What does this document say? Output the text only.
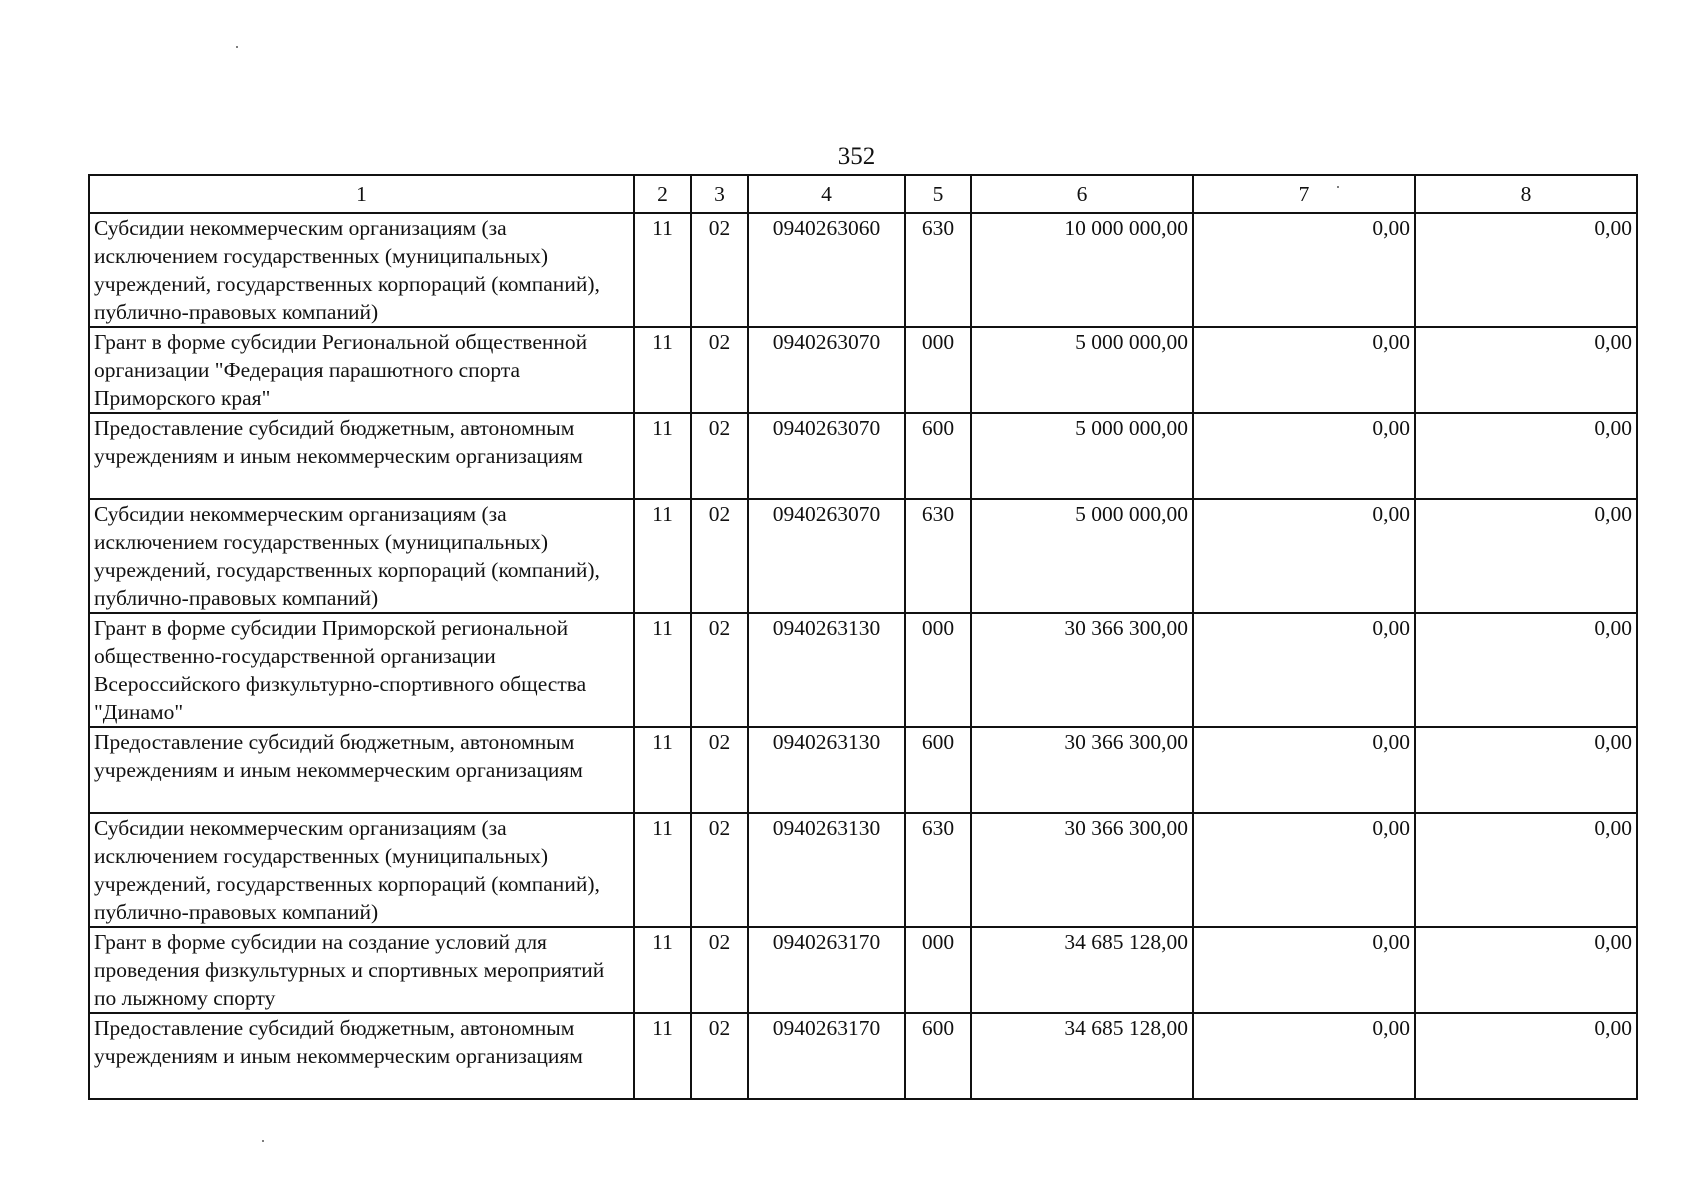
352
1	2	3	4	5	6	7	8
Субсидии некоммерческим организациям (за исключением государственных (муниципальных) учреждений, государственных корпораций (компаний), публично-правовых компаний)	11	02	0940263060	630	10 000 000,00	0,00	0,00
Грант в форме субсидии Региональной общественной организации "Федерация парашютного спорта Приморского края"	11	02	0940263070	000	5 000 000,00	0,00	0,00
Предоставление субсидий бюджетным, автономным учреждениям и иным некоммерческим организациям	11	02	0940263070	600	5 000 000,00	0,00	0,00
Субсидии некоммерческим организациям (за исключением государственных (муниципальных) учреждений, государственных корпораций (компаний), публично-правовых компаний)	11	02	0940263070	630	5 000 000,00	0,00	0,00
Грант в форме субсидии Приморской региональной общественно-государственной организации Всероссийского физкультурно-спортивного общества "Динамо"	11	02	0940263130	000	30 366 300,00	0,00	0,00
Предоставление субсидий бюджетным, автономным учреждениям и иным некоммерческим организациям	11	02	0940263130	600	30 366 300,00	0,00	0,00
Субсидии некоммерческим организациям (за исключением государственных (муниципальных) учреждений, государственных корпораций (компаний), публично-правовых компаний)	11	02	0940263130	630	30 366 300,00	0,00	0,00
Грант в форме субсидии на создание условий для проведения физкультурных и спортивных мероприятий по лыжному спорту	11	02	0940263170	000	34 685 128,00	0,00	0,00
Предоставление субсидий бюджетным, автономным учреждениям и иным некоммерческим организациям	11	02	0940263170	600	34 685 128,00	0,00	0,00
